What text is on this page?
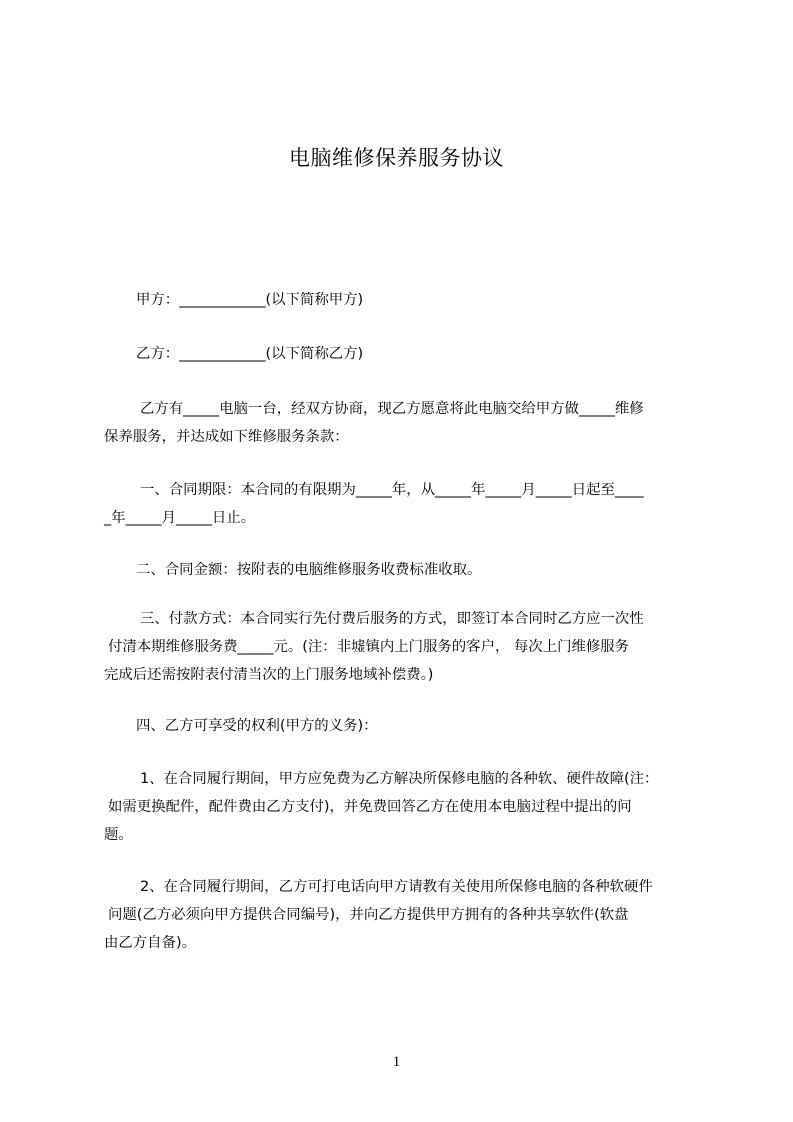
电脑维修保养服务协议
甲方：____________(以下简称甲方)
乙方：____________(以下简称乙方)
乙方有_____电脑一台，经双方协商，现乙方愿意将此电脑交给甲方做_____维修
保养服务，并达成如下维修服务条款：
一、合同期限：本合同的有限期为_____年，从_____年_____月_____日起至____
_年_____月_____日止。
二、合同金额：按附表的电脑维修服务收费标准收取。
三、付款方式：本合同实行先付费后服务的方式，即签订本合同时乙方应一次性
付清本期维修服务费_____元。(注：非墟镇内上门服务的客户， 每次上门维修服务
完成后还需按附表付清当次的上门服务地域补偿费。)
四、乙方可享受的权利(甲方的义务)：
1、在合同履行期间，甲方应免费为乙方解决所保修电脑的各种软、硬件故障(注：
如需更换配件，配件费由乙方支付)，并免费回答乙方在使用本电脑过程中提出的问
题。
2、在合同履行期间，乙方可打电话向甲方请教有关使用所保修电脑的各种软硬件
问题(乙方必须向甲方提供合同编号)，并向乙方提供甲方拥有的各种共享软件(软盘
由乙方自备)。
1
